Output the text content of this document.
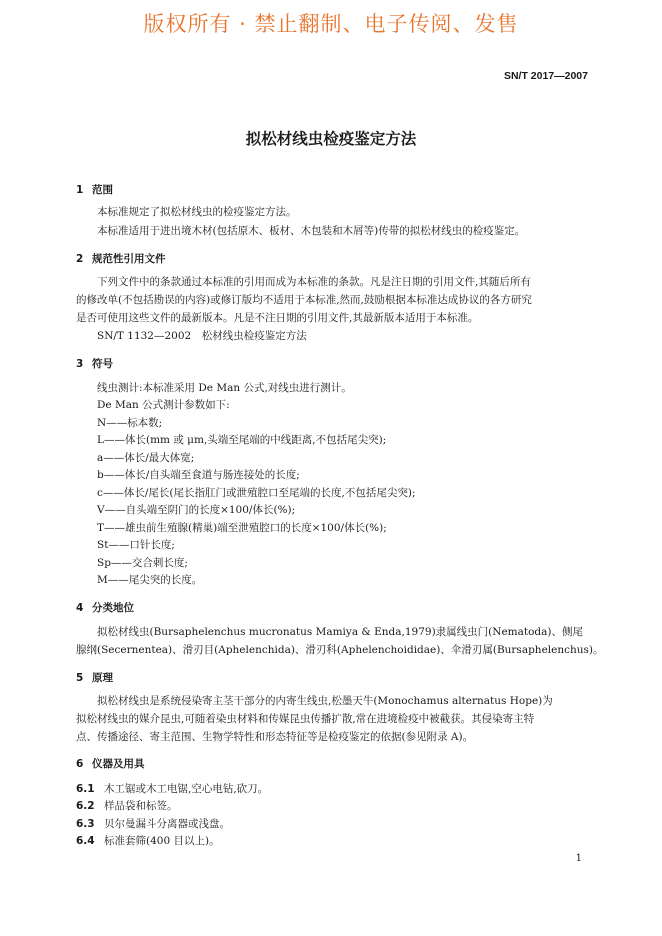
版权所有 · 禁止翻制、电子传阅、发售
SN/T 2017—2007
拟松材线虫检疫鉴定方法
1 范围
本标准规定了拟松材线虫的检疫鉴定方法。
本标准适用于进出境木材(包括原木、板材、木包装和木屑等)传带的拟松材线虫的检疫鉴定。
2 规范性引用文件
下列文件中的条款通过本标准的引用而成为本标准的条款。凡是注日期的引用文件,其随后所有
的修改单(不包括勘误的内容)或修订版均不适用于本标准,然而,鼓励根据本标准达成协议的各方研究
是否可使用这些文件的最新版本。凡是不注日期的引用文件,其最新版本适用于本标准。
SN/T 1132—2002　松材线虫检疫鉴定方法
3 符号
线虫测计:本标准采用 De Man 公式,对线虫进行测计。
De Man 公式测计参数如下:
N——标本数;
L——体长(mm 或 μm,头端至尾端的中线距离,不包括尾尖突);
a——体长/最大体宽;
b——体长/自头端至食道与肠连接处的长度;
c——体长/尾长(尾长指肛门或泄殖腔口至尾端的长度,不包括尾尖突);
V——自头端至阴门的长度×100/体长(%);
T——雄虫前生殖腺(精巢)端至泄殖腔口的长度×100/体长(%);
St——口针长度;
Sp——交合刺长度;
M——尾尖突的长度。
4 分类地位
拟松材线虫(Bursaphelenchus mucronatus Mamiya & Enda,1979)隶属线虫门(Nematoda)、侧尾
腺纲(Secernentea)、滑刃目(Aphelenchida)、滑刃科(Aphelenchoididae)、伞滑刃属(Bursaphelenchus)。
5 原理
拟松材线虫是系统侵染寄主茎干部分的内寄生线虫,松墨天牛(Monochamus alternatus Hope)为
拟松材线虫的媒介昆虫,可随着染虫材料和传媒昆虫传播扩散,常在进境检疫中被截获。其侵染寄主特
点、传播途径、寄主范围、生物学特性和形态特征等是检疫鉴定的依据(参见附录 A)。
6 仪器及用具
6.1 木工锯或木工电锯,空心电钻,砍刀。
6.2 样品袋和标签。
6.3 贝尔曼漏斗分离器或浅盘。
6.4 标准套筛(400 目以上)。
1
